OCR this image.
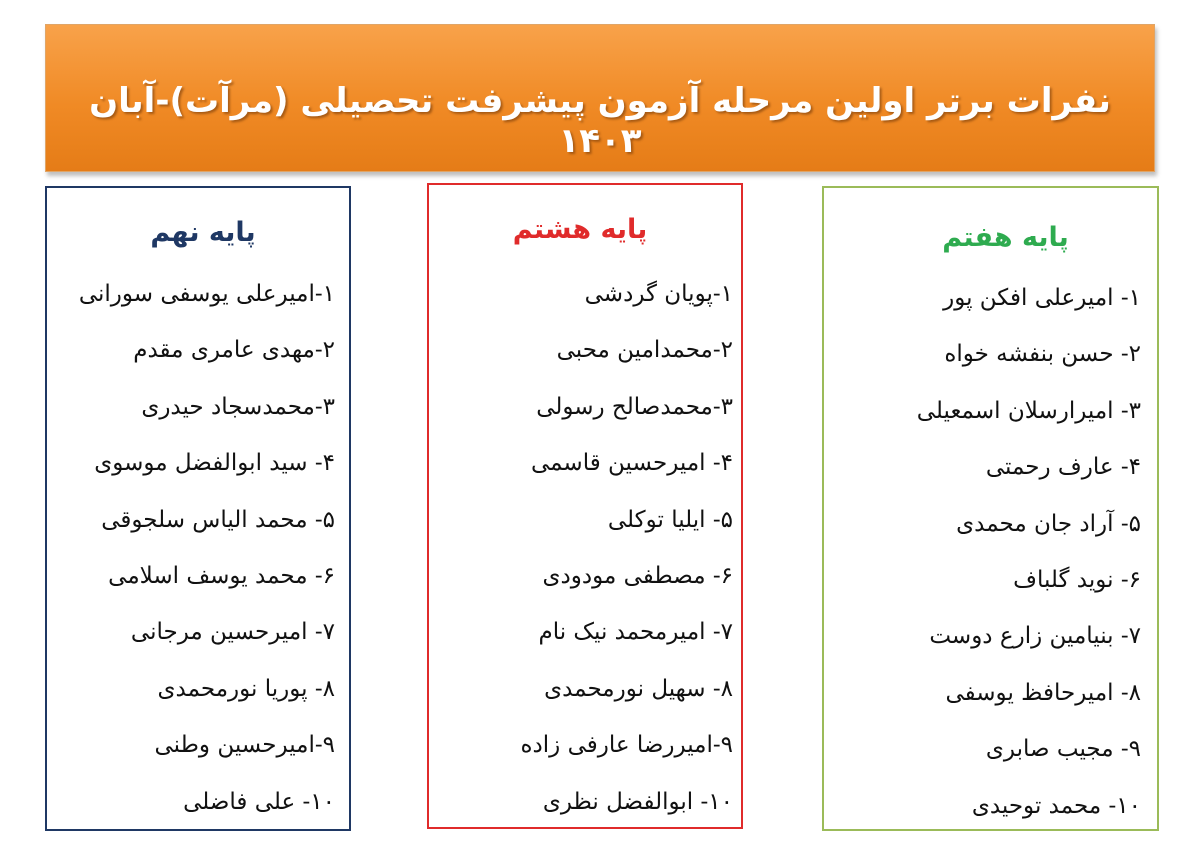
نفرات برتر اولین مرحله آزمون پیشرفت تحصیلی (مرآت)-آبان ۱۴۰۳
پایه نهم
۱-امیرعلی یوسفی سورانی
۲-مهدی عامری مقدم
۳-محمدسجاد حیدری
۴- سید ابوالفضل موسوی
۵- محمد الیاس سلجوقی
۶- محمد یوسف اسلامی
۷- امیرحسین مرجانی
۸- پوریا نورمحمدی
۹-امیرحسین وطنی
۱۰- علی فاضلی
پایه هشتم
۱-پویان گردشی
۲-محمدامین محبی
۳-محمدصالح رسولی
۴- امیرحسین قاسمی
۵- ایلیا توکلی
۶- مصطفی مودودی
۷- امیرمحمد نیک نام
۸- سهیل نورمحمدی
۹-امیررضا عارفی زاده
۱۰- ابوالفضل نظری
پایه هفتم
۱- امیرعلی افکن پور
۲- حسن بنفشه خواه
۳- امیرارسلان اسمعیلی
۴- عارف رحمتی
۵- آراد جان محمدی
۶- نوید گلباف
۷- بنیامین زارع دوست
۸- امیرحافظ یوسفی
۹- مجیب صابری
۱۰- محمد توحیدی
